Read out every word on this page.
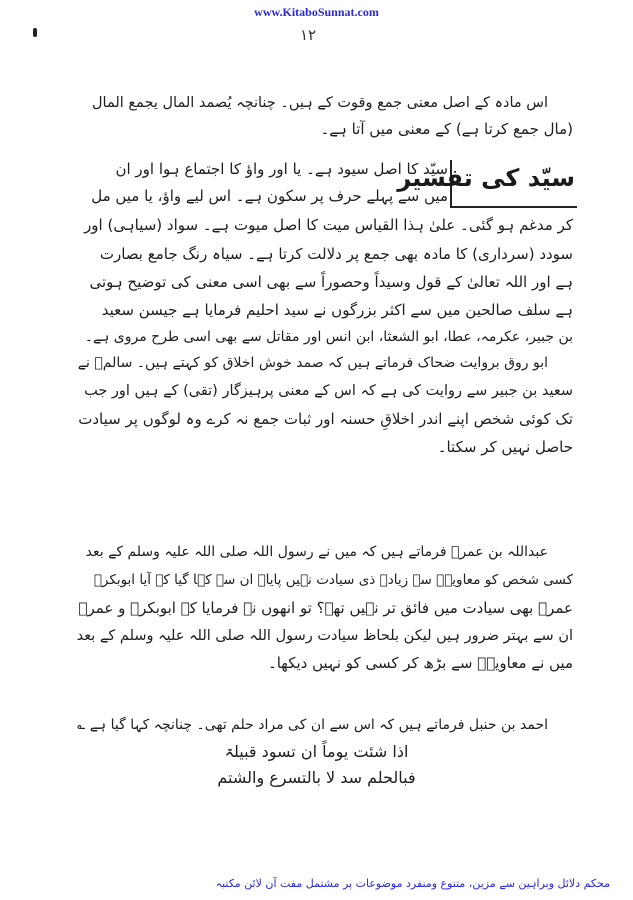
www.KitaboSunnat.com
۱۲
اس مادہ کے اصل معنی جمع وقوت کے ہیں۔ چنانچہ یُصمد المال یجمع المال
(مال جمع کرتا ہے) کے معنی میں آتا ہے۔
سیّد کی تفسیر
سیّد کا اصل سیود ہے۔ یا اور واؤ کا اجتماع ہوا اور ان
میں سے پہلے حرف پر سکون ہے۔ اس لیے واؤ، یا میں مل
کر مدغم ہو گئی۔ علیٰ ہذا القیاس میت کا اصل میوت ہے۔ سواد (سیاہی) اور
سودد (سرداری) کا مادہ بھی جمع پر دلالت کرتا ہے۔ سیاہ رنگ جامع بصارت
ہے اور اللہ تعالیٰ کے قول وسیداً وحصوراً سے بھی اسی معنی کی توضیح ہوتی
ہے سلف صالحین میں سے اکثر بزرگوں نے سید احلیم فرمایا ہے جیسن سعید
بن جبیر، عکرمہ، عطا، ابو الشعثا، ابن انس اور مقاتل سے بھی اسی طرح مروی ہے۔
ابو روق بروایت ضحاک فرماتے ہیں کہ صمد خوش اخلاق کو کہتے ہیں۔ سالمؒ نے
سعید بن جبیر سے روایت کی ہے کہ اس کے معنی پرہیزگار (تقی) کے ہیں اور جب
تک کوئی شخص اپنے اندر اخلاقِ حسنہ اور ثبات جمع نہ کرے وہ لوگوں پر سیادت
حاصل نہیں کر سکتا۔
عبداللہ بن عمرؓ فرماتے ہیں کہ میں نے رسول اللہ صلی اللہ علیہ وسلم کے بعد
کسی شخص کو معاویہؓ سے زیادہ ذی سیادت نہیں پایا۔ ان سے کہا گیا کہ آیا ابوبکرؓ
عمرؓ بھی سیادت میں فائق تر نہیں تھے؟ تو انھوں نے فرمایا کہ ابوبکرؓ و عمرؓ
ان سے بہتر ضرور ہیں لیکن بلحاظ سیادت رسول اللہ صلی اللہ علیہ وسلم کے بعد
میں نے معاویہؓ سے بڑھ کر کسی کو نہیں دیکھا۔
احمد بن حنبل فرماتے ہیں کہ اس سے ان کی مراد حلم تھی۔ چنانچہ کہا گیا ہے ؎
اذا شئت یوماً ان تسود قبیلۃ
فبالحلم سد لا بالتسرع والشتم
محکم دلائل وبراہین سے مزین، متنوع ومنفرد موضوعات پر مشتمل مفت آن لائن مکتبہ
